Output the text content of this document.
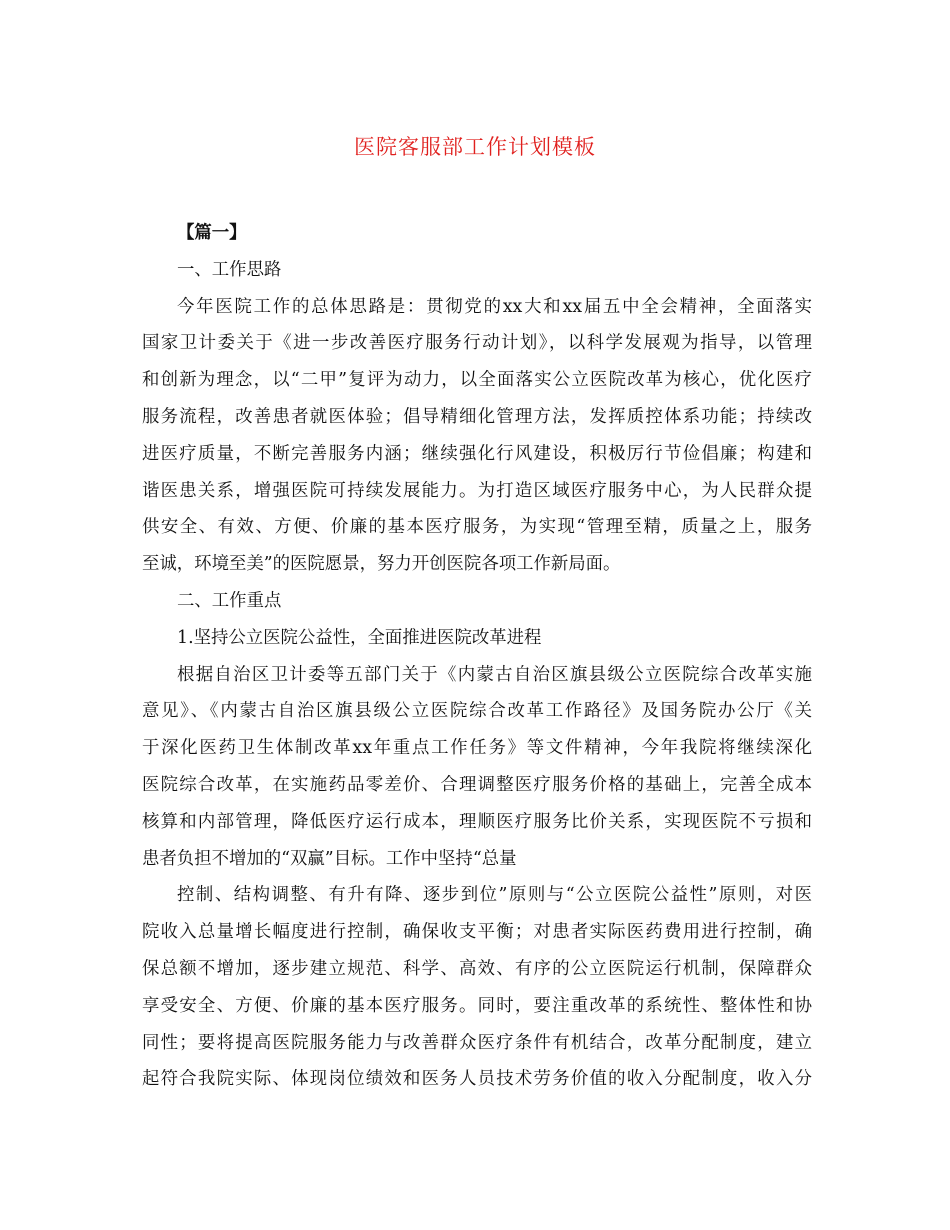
医院客服部工作计划模板
【篇一】
一、工作思路
今年医院工作的总体思路是：贯彻党的xx大和xx届五中全会精神，全面落实
国家卫计委关于《进一步改善医疗服务行动计划》，以科学发展观为指导，以管理
和创新为理念，以“二甲”复评为动力，以全面落实公立医院改革为核心，优化医疗
服务流程，改善患者就医体验；倡导精细化管理方法，发挥质控体系功能；持续改
进医疗质量，不断完善服务内涵；继续强化行风建设，积极厉行节俭倡廉；构建和
谐医患关系，增强医院可持续发展能力。为打造区域医疗服务中心，为人民群众提
供安全、有效、方便、价廉的基本医疗服务，为实现“管理至精，质量之上，服务
至诚，环境至美”的医院愿景，努力开创医院各项工作新局面。
二、工作重点
1.坚持公立医院公益性，全面推进医院改革进程
根据自治区卫计委等五部门关于《内蒙古自治区旗县级公立医院综合改革实施
意见》、《内蒙古自治区旗县级公立医院综合改革工作路径》及国务院办公厅《关
于深化医药卫生体制改革xx年重点工作任务》等文件精神，今年我院将继续深化
医院综合改革，在实施药品零差价、合理调整医疗服务价格的基础上，完善全成本
核算和内部管理，降低医疗运行成本，理顺医疗服务比价关系，实现医院不亏损和
患者负担不增加的“双赢”目标。工作中坚持“总量
控制、结构调整、有升有降、逐步到位”原则与“公立医院公益性”原则，对医
院收入总量增长幅度进行控制，确保收支平衡；对患者实际医药费用进行控制，确
保总额不增加，逐步建立规范、科学、高效、有序的公立医院运行机制，保障群众
享受安全、方便、价廉的基本医疗服务。同时，要注重改革的系统性、整体性和协
同性；要将提高医院服务能力与改善群众医疗条件有机结合，改革分配制度，建立
起符合我院实际、体现岗位绩效和医务人员技术劳务价值的收入分配制度，收入分
